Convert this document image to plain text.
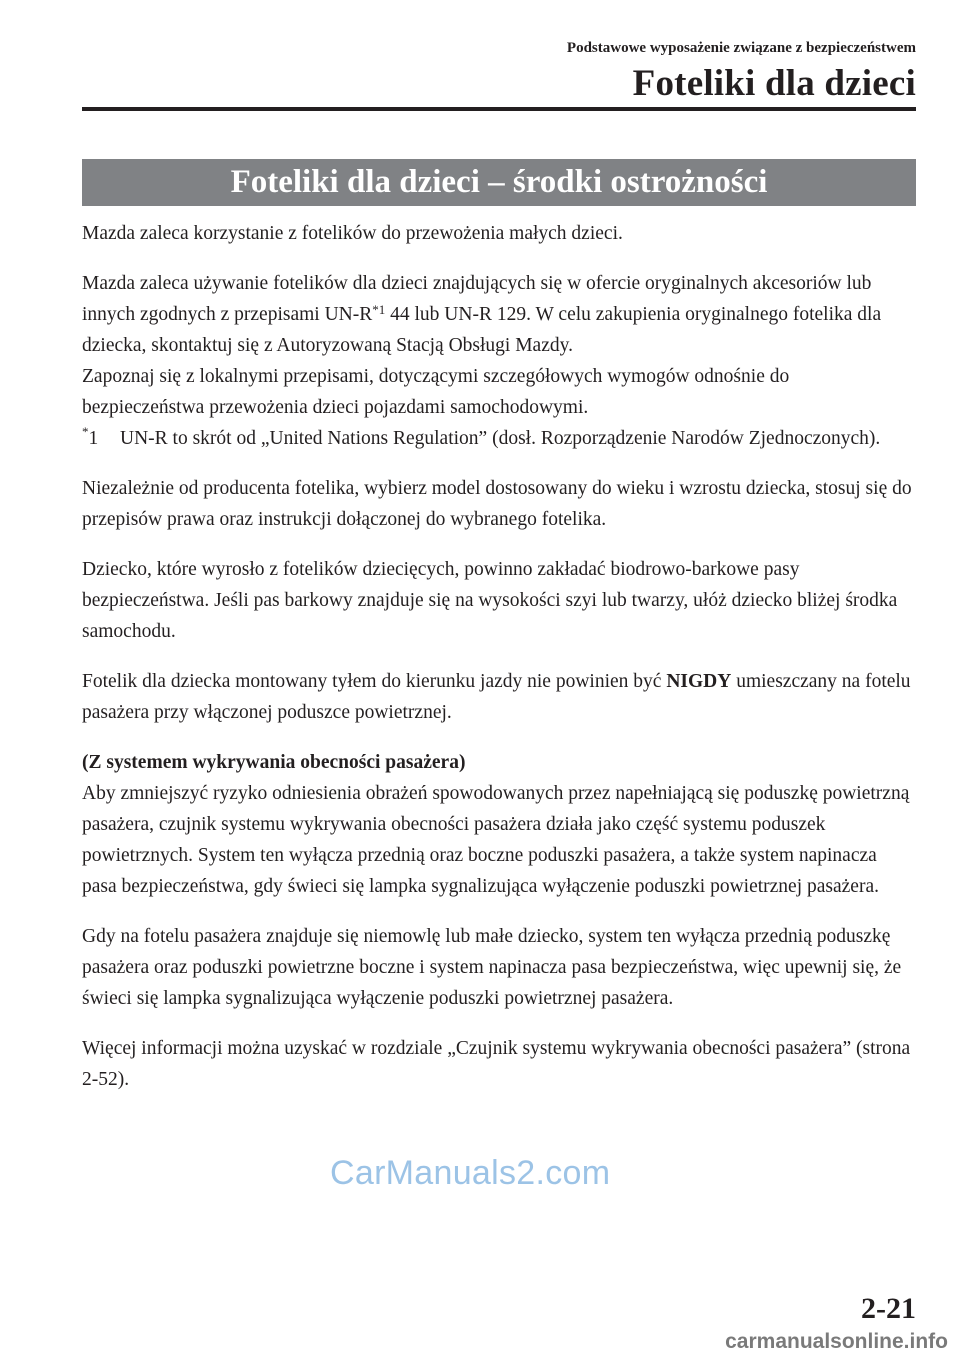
Podstawowe wyposażenie związane z bezpieczeństwem
Foteliki dla dzieci
Foteliki dla dzieci – środki ostrożności

Mazda zaleca korzystanie z fotelików do przewożenia małych dzieci.

Mazda zaleca używanie fotelików dla dzieci znajdujących się w ofercie oryginalnych akcesoriów lub innych zgodnych z przepisami $UN-R^{*1}$ 44 lub UN-R 129. W celu zakupienia oryginalnego fotelika dla dziecka, skontaktuj się z Autoryzowaną Stacją Obsługi Mazdy.

Zapoznaj się z lokalnymi przepisami, dotyczącymi szczegółowych wymogów odnośnie do bezpieczeństwa przewożenia dzieci pojazdami samochodowymi.

*1 UN-R to skrót od „United Nations Regulation” (dosł. Rozporządzenie Narodów Zjednoczonych).

Niezależnie od producenta fotelika, wybierz model dostosowany do wieku i wzrostu dziecka, stosuj się do przepisów prawa oraz instrukcji dołączonej do wybranego fotelika.

Dziecko, które wyrosło z fotelików dziecięcych, powinno zakładać biodrowo-barkowe pasy bezpieczeństwa. Jeśli pas barkowy znajduje się na wysokości szyi lub twarzy, ułóż dziecko bliżej środka samochodu.

Fotelik dla dziecka montowany tyłem do kierunku jazdy nie powinien być NIGDY umieszczany na fotelu pasażera przy włączonej poduszce powietrznej.

(Z systemem wykrywania obecności pasażera)

Aby zmniejszyć ryzyko odniesienia obrażeń spowodowanych przez napełniającą się poduszkę powietrzną pasażera, czujnik systemu wykrywania obecności pasażera działa jako część systemu poduszek powietrznych. System ten wyłącza przednią oraz boczne poduszki pasażera, a także system napinacza pasa bezpieczeństwa, gdy świeci się lampka sygnalizująca wyłączenie poduszki powietrznej pasażera.

Gdy na fotelu pasażera znajduje się niemowlę lub małe dziecko, system ten wyłącza przednią poduszkę pasażera oraz poduszki powietrzne boczne i system napinacza pasa bezpieczeństwa, więc upewnij się, że świeci się lampka sygnalizująca wyłączenie poduszki powietrznej pasażera.

Więcej informacji można uzyskać w rozdziale „Czujnik systemu wykrywania obecności pasażera” (strona 2-52).

CarManuals2.com
2-21
carmanualsonline.info
